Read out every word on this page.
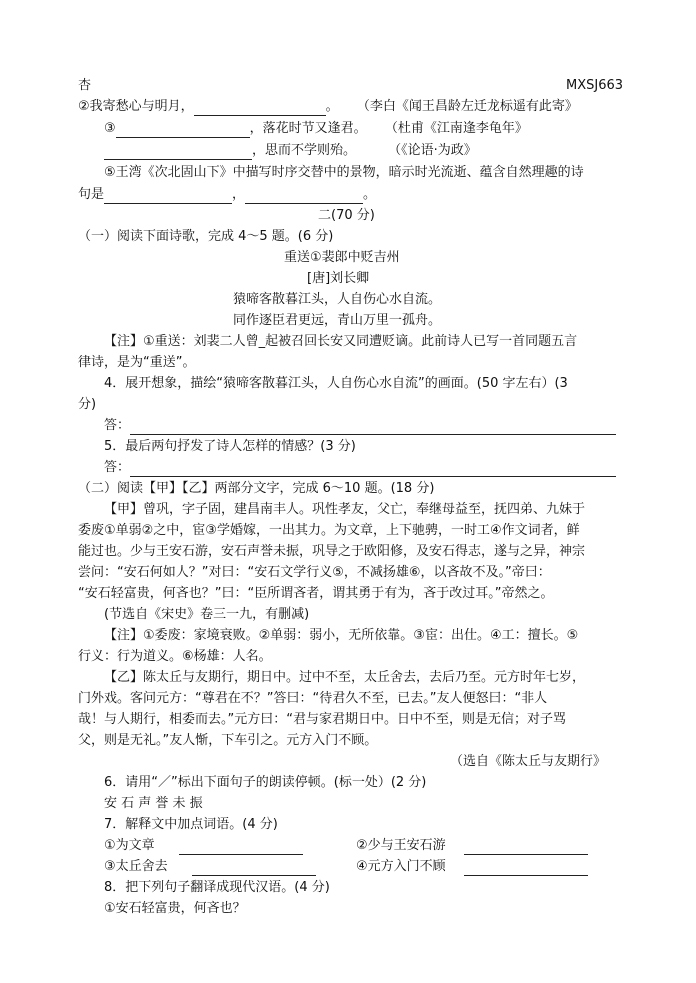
杏	MXSJ663
②我寄愁心与明月，	。 （李白《闻王昌龄左迁龙标遥有此寄》
③	，落花时节又逢君。 （杜甫《江南逢李龟年》
，思而不学则殆。 （《论语·为政》
⑤王湾《次北固山下》中描写时序交替中的景物，暗示时光流逝、蕴含自然理趣的诗
句是	，	。
二(70 分)
（一）阅读下面诗歌，完成 4～5 题。(6 分)
重送①裴郎中贬吉州
[唐]刘长卿
猿啼客散暮江头，人自伤心水自流。
同作逐臣君更远，青山万里一孤舟。
【注】①重送：刘裴二人曾_起被召回长安又同遭贬谪。此前诗人已写一首同题五言
律诗，是为“重送”。
4．展开想象，描绘“猿啼客散暮江头，人自伤心水自流”的画面。(50 字左右）(3
分)
答：
5．最后两句抒发了诗人怎样的情感？(3 分)
答：
（二）阅读【甲】【乙】两部分文字，完成 6～10 题。(18 分)
【甲】曾巩，字子固，建昌南丰人。巩性孝友，父亡，奉继母益至，抚四弟、九妹于
委废①单弱②之中，宦③学婚嫁，一出其力。为文章，上下驰骋，一时工④作文词者，鲜
能过也。少与王安石游，安石声誉未振，巩导之于欧阳修，及安石得志，遂与之异，神宗
尝问：“安石何如人？”对曰：“安石文学行义⑤，不减扬雄⑥，以吝故不及。”帝曰：
“安石轻富贵，何吝也？”曰：“臣所谓吝者，谓其勇于有为，吝于改过耳。”帝然之。
(节选自《宋史》卷三一九，有删减)
【注】①委废：家境衰败。②单弱：弱小，无所依靠。③宦：出仕。④工：擅长。⑤
行义：行为道义。⑥杨雄：人名。
【乙】陈太丘与友期行，期日中。过中不至，太丘舍去，去后乃至。元方时年七岁，
门外戏。客问元方：“尊君在不？”答曰：“待君久不至，已去。”友人便怒曰：“非人
哉！与人期行，相委而去。”元方曰：“君与家君期日中。日中不至，则是无信；对子骂
父，则是无礼。”友人惭，下车引之。元方入门不顾。
（选自《陈太丘与友期行》
6．请用“／”标出下面句子的朗读停顿。(标一处）(2 分)
安 石 声 誉 未 振
7．解释文中加点词语。(4 分)
①为文章	②少与王安石游
③太丘舍去	④元方入门不顾
8．把下列句子翻译成现代汉语。(4 分)
①安石轻富贵，何吝也？
